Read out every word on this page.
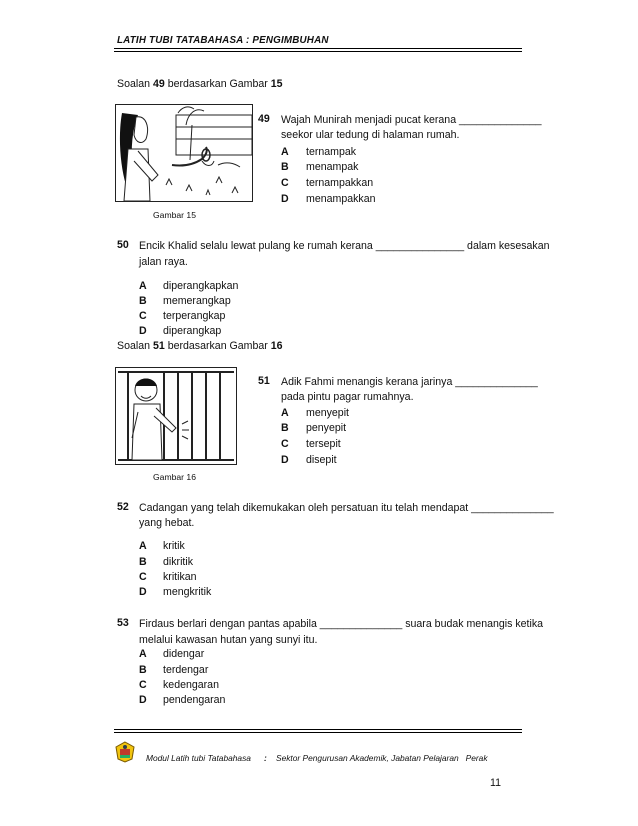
LATIH TUBI TATABAHASA : PENGIMBUHAN
Soalan 49 berdasarkan Gambar 15
Gambar 15
49 Wajah Munirah menjadi pucat kerana ______________
seekor ular tedung di halaman rumah.
A ternampak
B menampak
C ternampakkan
D menampakkan
50 Encik Khalid selalu lewat pulang ke rumah kerana _______________ dalam kesesakan
jalan raya.
A diperangkapkan
B memerangkap
C terperangkap
D diperangkap
Soalan 51 berdasarkan Gambar 16
Gambar 16
51 Adik Fahmi menangis kerana jarinya ______________
pada pintu pagar rumahnya.
A menyepit
B penyepit
C tersepit
D disepit
52 Cadangan yang telah dikemukakan oleh persatuan itu telah mendapat ______________
yang hebat.
A kritik
B dikritik
C kritikan
D mengkritik
53 Firdaus berlari dengan pantas apabila ______________ suara budak menangis ketika
melalui kawasan hutan yang sunyi itu.
A didengar
B terdengar
C kedengaran
D pendengaran
Modul Latih tubi Tatabahasa : Sektor Pengurusan Akademik, Jabatan Pelajaran   Perak
11
